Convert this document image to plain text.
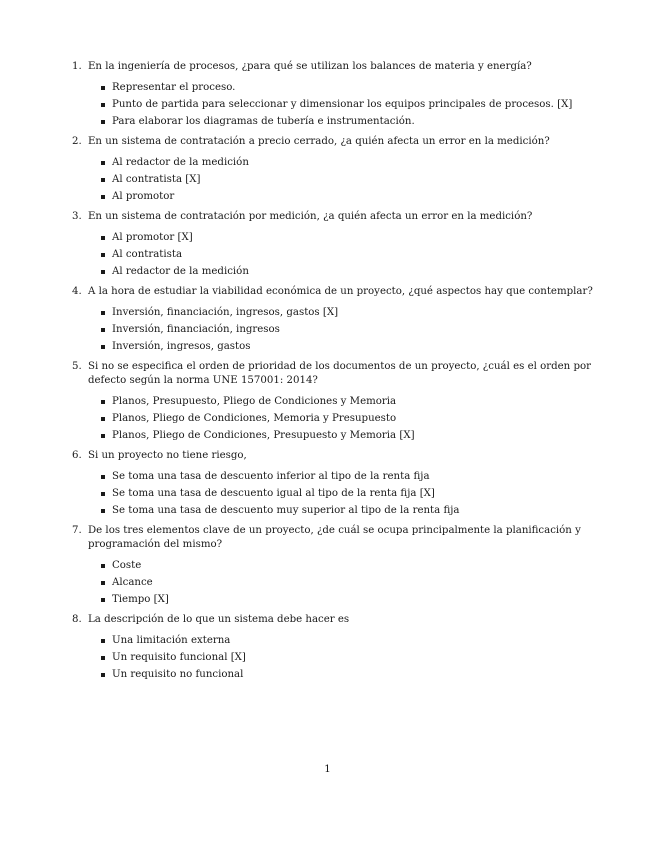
1. En la ingeniería de procesos, ¿para qué se utilizan los balances de materia y energía?
Representar el proceso.
Punto de partida para seleccionar y dimensionar los equipos principales de procesos. [X]
Para elaborar los diagramas de tubería e instrumentación.
2. En un sistema de contratación a precio cerrado, ¿a quién afecta un error en la medición?
Al redactor de la medición
Al contratista [X]
Al promotor
3. En un sistema de contratación por medición, ¿a quién afecta un error en la medición?
Al promotor [X]
Al contratista
Al redactor de la medición
4. A la hora de estudiar la viabilidad económica de un proyecto, ¿qué aspectos hay que contemplar?
Inversión, financiación, ingresos, gastos [X]
Inversión, financiación, ingresos
Inversión, ingresos, gastos
5. Si no se especifica el orden de prioridad de los documentos de un proyecto, ¿cuál es el orden por defecto según la norma UNE 157001: 2014?
Planos, Presupuesto, Pliego de Condiciones y Memoria
Planos, Pliego de Condiciones, Memoria y Presupuesto
Planos, Pliego de Condiciones, Presupuesto y Memoria [X]
6. Si un proyecto no tiene riesgo,
Se toma una tasa de descuento inferior al tipo de la renta fija
Se toma una tasa de descuento igual al tipo de la renta fija [X]
Se toma una tasa de descuento muy superior al tipo de la renta fija
7. De los tres elementos clave de un proyecto, ¿de cuál se ocupa principalmente la planificación y programación del mismo?
Coste
Alcance
Tiempo [X]
8. La descripción de lo que un sistema debe hacer es
Una limitación externa
Un requisito funcional [X]
Un requisito no funcional
1
